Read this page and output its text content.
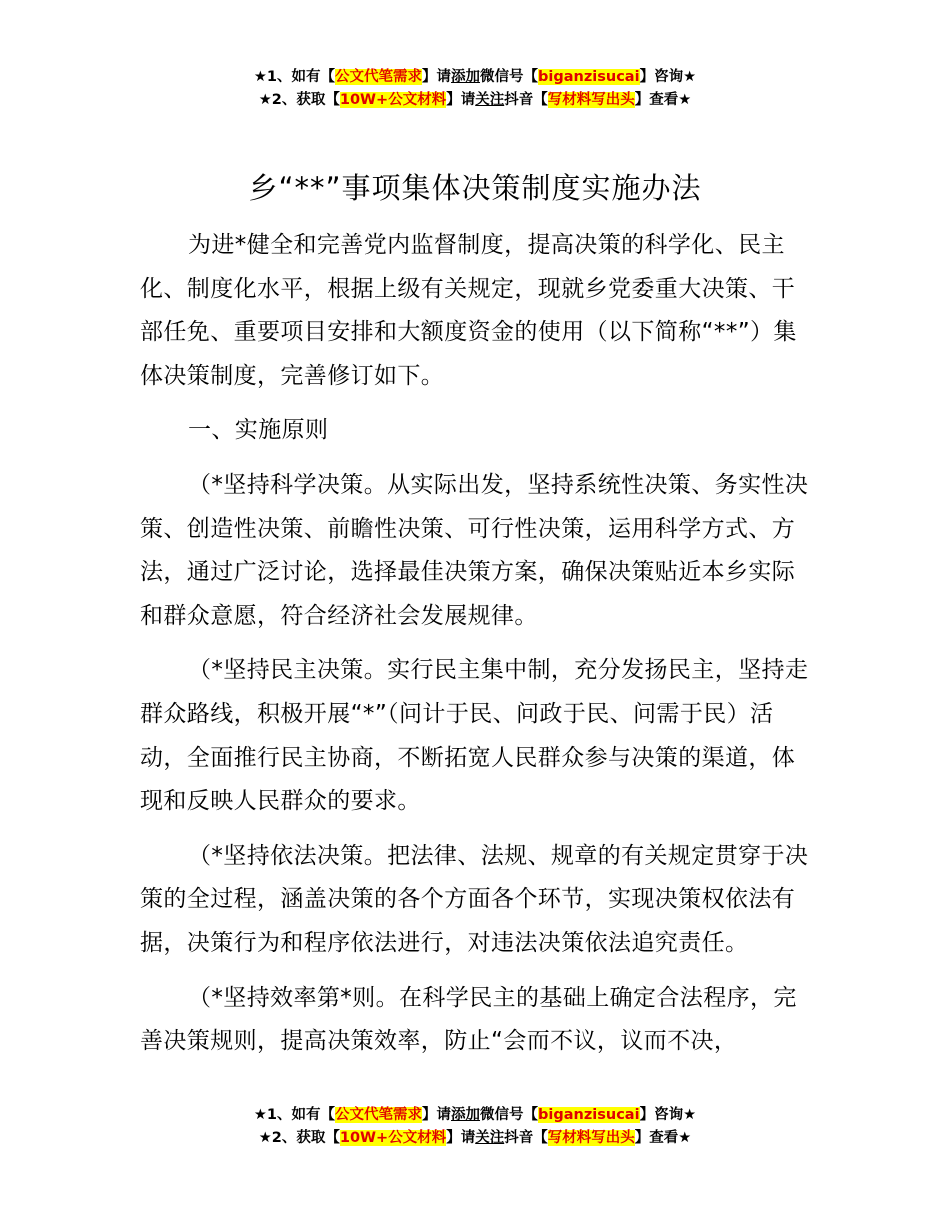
★1、如有【公文代笔需求】请添加微信号【biganzisucai】咨询★
★2、获取【10W+公文材料】请关注抖音【写材料写出头】查看★
乡“**”事项集体决策制度实施办法

为进*健全和完善党内监督制度，提高决策的科学化、民主化、制度化水平，根据上级有关规定，现就乡党委重大决策、干部任免、重要项目安排和大额度资金的使用（以下简称“**”）集体决策制度，完善修订如下。

一、实施原则

（*坚持科学决策。从实际出发，坚持系统性决策、务实性决策、创造性决策、前瞻性决策、可行性决策，运用科学方式、方法，通过广泛讨论，选择最佳决策方案，确保决策贴近本乡实际和群众意愿，符合经济社会发展规律。

（*坚持民主决策。实行民主集中制，充分发扬民主，坚持走群众路线，积极开展“*”（问计于民、问政于民、问需于民）活动，全面推行民主协商，不断拓宽人民群众参与决策的渠道，体现和反映人民群众的要求。

（*坚持依法决策。把法律、法规、规章的有关规定贯穿于决策的全过程，涵盖决策的各个方面各个环节，实现决策权依法有据，决策行为和程序依法进行，对违法决策依法追究责任。

（*坚持效率第*则。在科学民主的基础上确定合法程序，完善决策规则，提高决策效率，防止“会而不议，议而不决，

★1、如有【公文代笔需求】请添加微信号【biganzisucai】咨询★
★2、获取【10W+公文材料】请关注抖音【写材料写出头】查看★
